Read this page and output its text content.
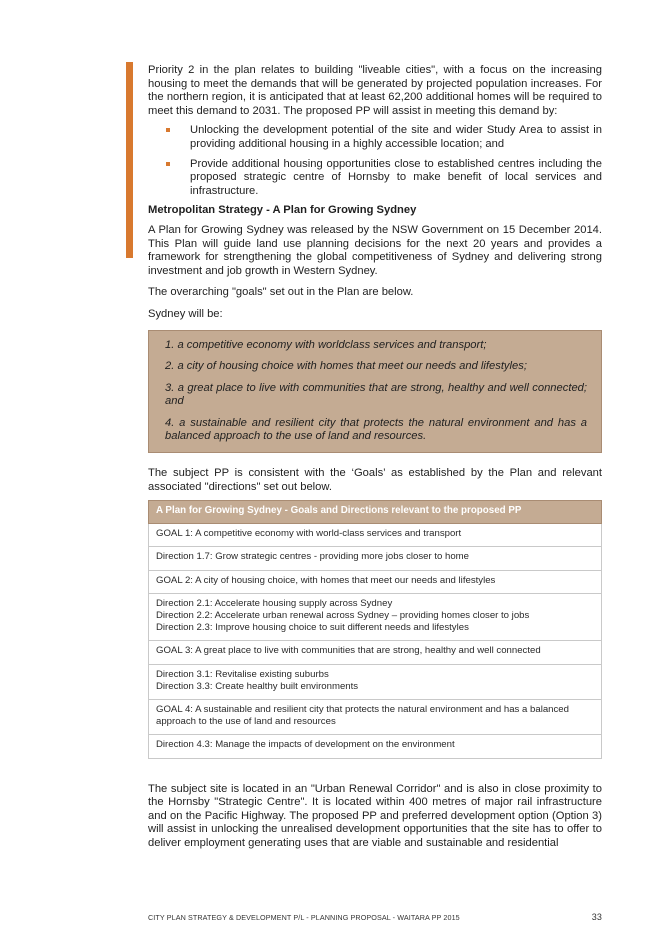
Priority 2 in the plan relates to building "liveable cities", with a focus on the increasing housing to meet the demands that will be generated by projected population increases. For the northern region, it is anticipated that at least 62,200 additional homes will be required to meet this demand to 2031. The proposed PP will assist in meeting this demand by:

Unlocking the development potential of the site and wider Study Area to assist in providing additional housing in a highly accessible location; and
Provide additional housing opportunities close to established centres including the proposed strategic centre of Hornsby to make benefit of local services and infrastructure.
Metropolitan Strategy - A Plan for Growing Sydney

A Plan for Growing Sydney was released by the NSW Government on 15 December 2014. This Plan will guide land use planning decisions for the next 20 years and provides a framework for strengthening the global competitiveness of Sydney and delivering strong investment and job growth in Western Sydney.

The overarching "goals" set out in the Plan are below.

Sydney will be:

1. a competitive economy with worldclass services and transport;

2. a city of housing choice with homes that meet our needs and lifestyles;

3. a great place to live with communities that are strong, healthy and well connected; and

4. a sustainable and resilient city that protects the natural environment and has a balanced approach to the use of land and resources.

The subject PP is consistent with the ‘Goals’ as established by the Plan and relevant associated "directions" set out below.

A Plan for Growing Sydney - Goals and Directions relevant to the proposed PP

GOAL 1: A competitive economy with world-class services and transport

Direction 1.7: Grow strategic centres - providing more jobs closer to home

GOAL 2: A city of housing choice, with homes that meet our needs and lifestyles

Direction 2.1: Accelerate housing supply across Sydney
Direction 2.2: Accelerate urban renewal across Sydney – providing homes closer to jobs
Direction 2.3: Improve housing choice to suit different needs and lifestyles

GOAL 3: A great place to live with communities that are strong, healthy and well connected

Direction 3.1: Revitalise existing suburbs
Direction 3.3: Create healthy built environments

GOAL 4: A sustainable and resilient city that protects the natural environment and has a balanced approach to the use of land and resources

Direction 4.3: Manage the impacts of development on the environment

The subject site is located in an "Urban Renewal Corridor" and is also in close proximity to the Hornsby "Strategic Centre". It is located within 400 metres of major rail infrastructure and on the Pacific Highway. The proposed PP and preferred development option (Option 3) will assist in unlocking the unrealised development opportunities that the site has to offer to deliver employment generating uses that are viable and sustainable and residential

CITY PLAN STRATEGY & DEVELOPMENT P/L - PLANNING PROPOSAL - WAITARA PP 2015	33
